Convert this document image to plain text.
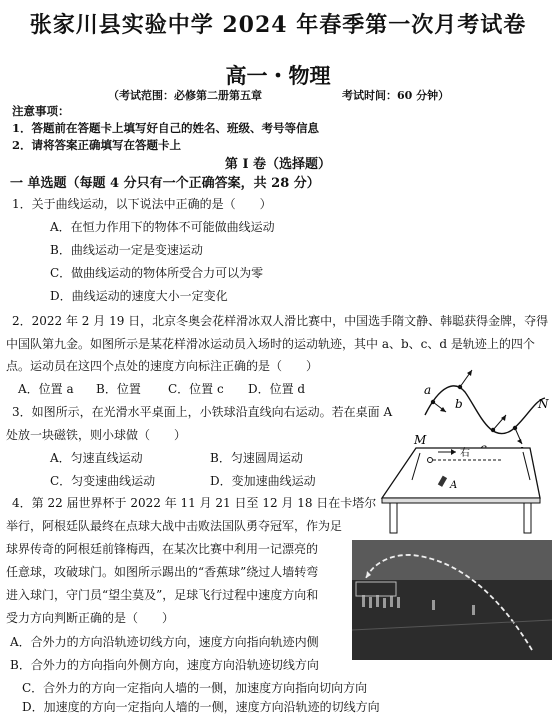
张家川县实验中学 2024 年春季第一次月考试卷
高一・物理
（考试范围：必修第二册第五章	考试时间：60 分钟）
注意事项：
1．答题前在答题卡上填写好自己的姓名、班级、考号等信息
2．请将答案正确填写在答题卡上
第 I 卷（选择题）
一 单选题（每题 4 分只有一个正确答案，共 28 分）
1．关于曲线运动，以下说法中正确的是（　　）
A．在恒力作用下的物体不可能做曲线运动
B．曲线运动一定是变速运动
C．做曲线运动的物体所受合力可以为零
D．曲线运动的速度大小一定变化
2．2022 年 2 月 19 日，北京冬奥会花样滑冰双人滑比赛中，中国选手隋文静、韩聪获得金牌，夺得
中国队第九金。如图所示是某花样滑冰运动员入场时的运动轨迹，其中 a、b、c、d 是轨迹上的四个
点。运动员在这四个点处的速度方向标注正确的是（　　）
A．位置 a B．位置 C．位置 c D．位置 d
M
a
b	N
3．如图所示，在光滑水平桌面上，小铁球沿直线向右运动。若在桌面 A
处放一块磁铁，则小球做（　　）
A．匀速直线运动	B．匀速圆周运动
C．匀变速曲线运动	D．变加速曲线运动
右
A
4．第 22 届世界杯于 2022 年 11 月 21 日至 12 月 18 日在卡塔尔
举行，阿根廷队最终在点球大战中击败法国队勇夺冠军，作为足
球界传奇的阿根廷前锋梅西，在某次比赛中利用一记漂亮的
任意球，攻破球门。如图所示踢出的“香蕉球”绕过人墙转弯
进入球门，守门员“望尘莫及”，足球飞行过程中速度方向和
受力方向判断正确的是（　　）
A．合外力的方向沿轨迹切线方向，速度方向指向轨迹内侧
B．合外力的方向指向外侧方向，速度方向沿轨迹切线方向
C．合外力的方向一定指向人墙的一侧，加速度方向指向切向方向
D．加速度的方向一定指向人墙的一侧，速度方向沿轨迹的切线方向
